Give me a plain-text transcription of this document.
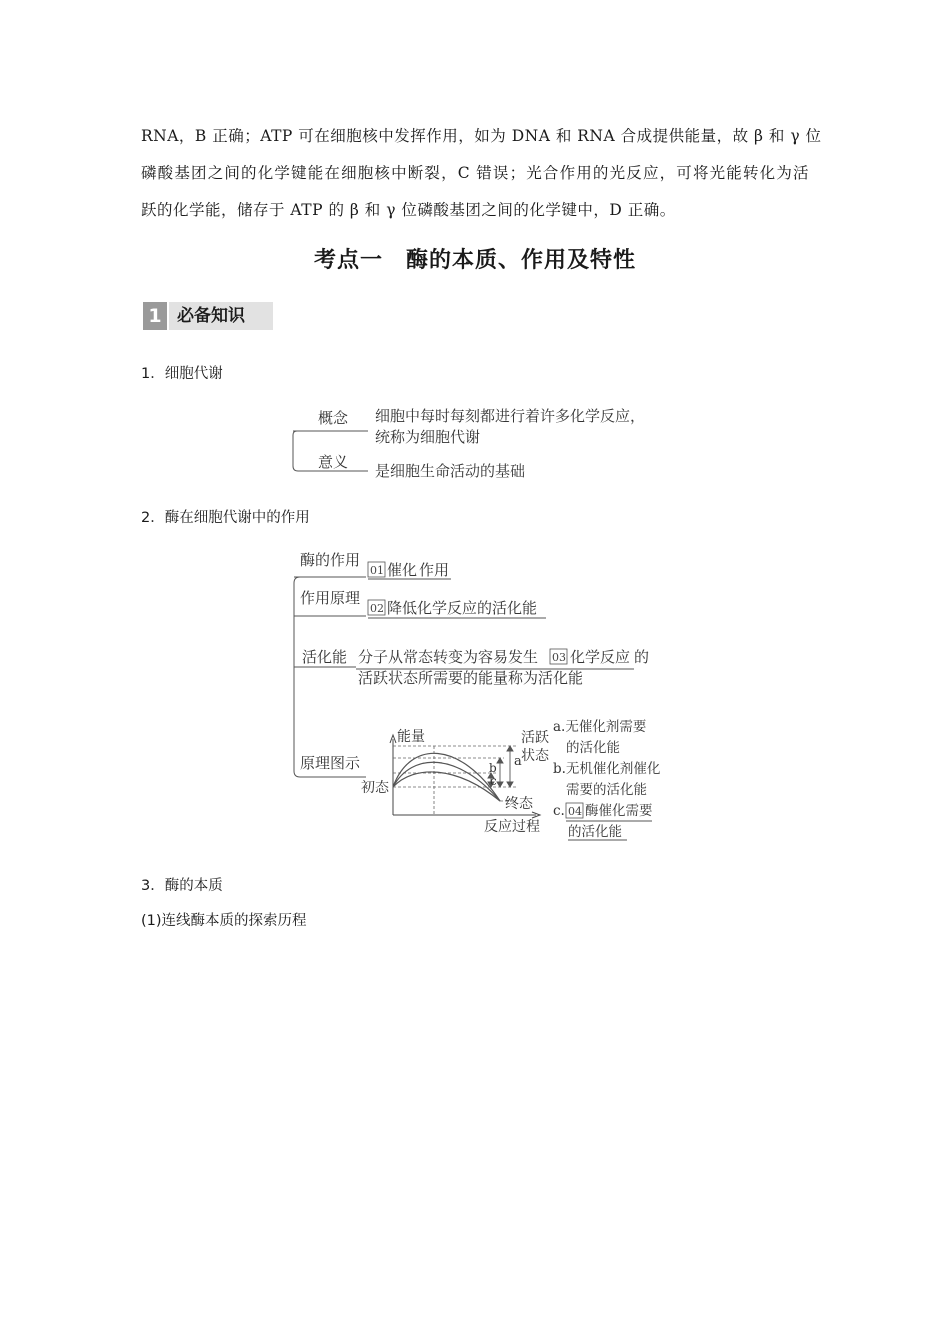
RNA，B 正确；ATP 可在细胞核中发挥作用，如为 DNA 和 RNA 合成提供能量，故 β 和 γ 位
磷酸基团之间的化学键能在细胞核中断裂，C 错误；光合作用的光反应，可将光能转化为活
跃的化学能，储存于 ATP 的 β 和 γ 位磷酸基团之间的化学键中，D 正确。
考点一　酶的本质、作用及特性
1 必备知识
1．细胞代谢
概念 细胞中每时每刻都进行着许多化学反应，
统称为细胞代谢
意义 是细胞生命活动的基础
2．酶在细胞代谢中的作用
酶的作用
01 催化 作用
作用原理
02 降低化学反应的活化能
活化能 分子从常态转变为容易发生 03 化学反应 的
活跃状态所需要的能量称为活化能
原理图示	a
b
c
能量
初态
终态
反应过程
活跃
状态
a.无催化剂需要
的活化能
b.无机催化剂催化
需要的活化能
c. 04 酶催化需要
的活化能
3．酶的本质
(1)连线酶本质的探索历程
